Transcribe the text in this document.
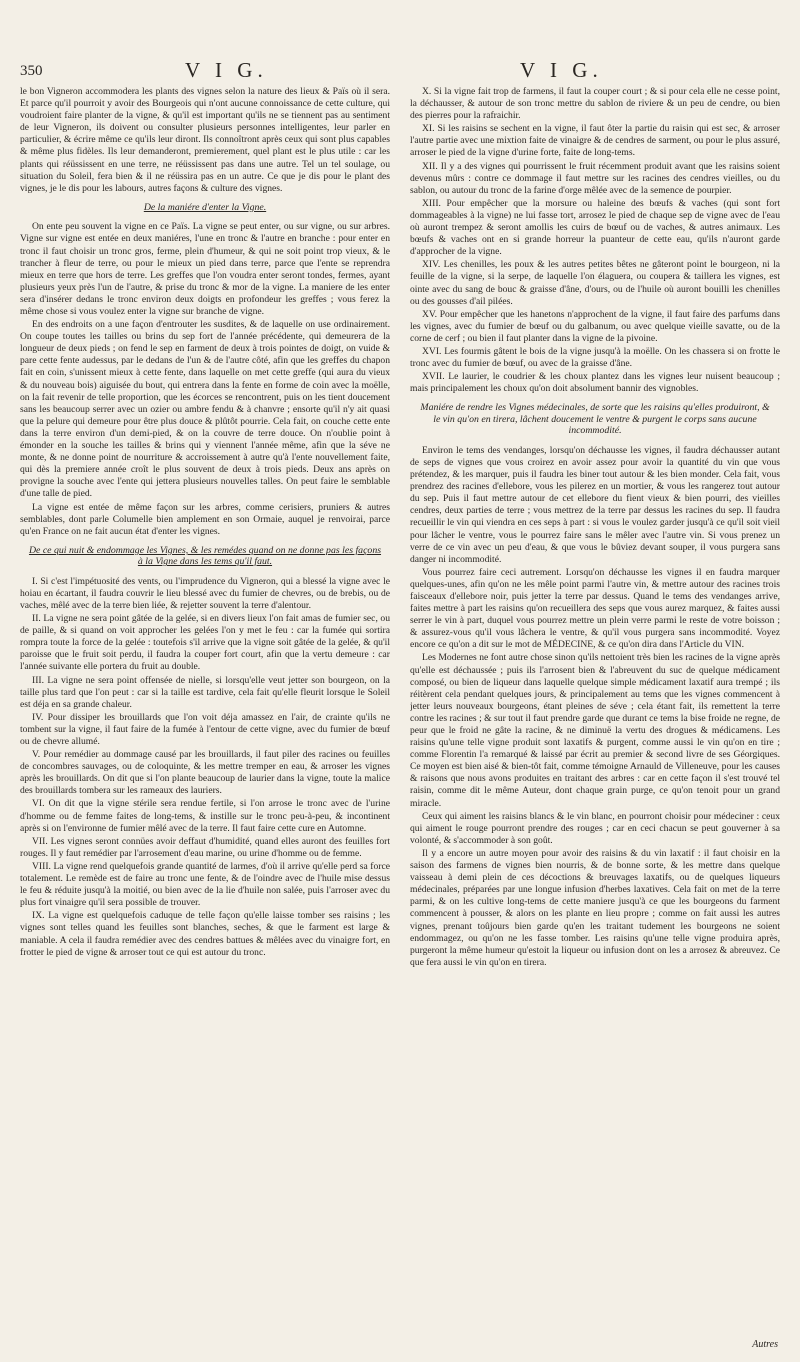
350	V I G.	V I G.

le bon Vigneron accommodera les plants des vignes selon la nature des lieux & Païs où il sera. Et parce qu'il pourroit y avoir des Bourgeois qui n'ont aucune connoissance de cette culture, qui voudroient faire planter de la vigne, & qu'il est important qu'ils ne se tiennent pas au sentiment de leur Vigneron, ils doivent ou consulter plusieurs personnes intelligentes, leur parler en particulier, & écrire même ce qu'ils leur diront. Ils connoîtront après ceux qui sont plus capables & même plus fidèles. Ils leur demanderont, premierement, quel plant est le plus utile : car les plants qui réüssissent en une terre, ne réüssissent pas dans une autre. Tel un tel soulage, ou situation du Soleil, fera bien & il ne réüssira pas en un autre. Ce que je dis pour le plant des vignes, je le dis pour les labours, autres façons & culture des vignes.

De la maniére d'enter la Vigne.

On ente peu souvent la vigne en ce Païs. La vigne se peut enter, ou sur vigne, ou sur arbres. Vigne sur vigne est entée en deux maniéres, l'une en tronc & l'autre en branche : pour enter en tronc il faut choisir un tronc gros, ferme, plein d'humeur, & qui ne soit point trop vieux, & le trancher à fleur de terre, ou pour le mieux un pied dans terre, parce que l'ente se reprendra mieux en terre que hors de terre. Les greffes que l'on voudra enter seront tondes, fermes, ayant plusieurs yeux près l'un de l'autre, & prise du tronc & mor de la vigne. La maniere de les enter sera d'insérer dedans le tronc environ deux doigts en profondeur les greffes ; vous ferez la même chose si vous voulez enter la vigne sur branche de vigne.

En des endroits on a une façon d'entrouter les susdites, & de laquelle on use ordinairement. On coupe toutes les tailles ou brins du sep fort de l'année précédente, qui demeurera de la longueur de deux pieds ; on fend le sep en farment de deux à trois pointes de doigt, on vuide & pare cette fente audessus, par le dedans de l'un & de l'autre côté, afin que les greffes du chapon fait en coin, s'unissent mieux à cette fente, dans laquelle on met cette greffe (qui aura du vieux & du nouveau bois) aiguisée du bout, qui entrera dans la fente en forme de coin avec la moëlle, on la fait revenir de telle proportion, que les écorces se rencontrent, puis on les tient doucement sans les beaucoup serrer avec un ozier ou ambre fendu & à chanvre ; ensorte qu'il n'y ait quasi que la pelure qui demeure pour être plus douce & plûtôt pourrie. Cela fait, on couche cette ente dans la terre environ d'un demi-pied, & on la couvre de terre douce. On n'oublie point à émonder en la souche les tailles & brins qui y viennent l'année même, afin que la séve ne monte, & ne donne point de nourriture & accroissement à autre qu'à l'ente nouvellement faite, qui dès la premiere année croît le plus souvent de deux à trois pieds. Deux ans après on provigne la souche avec l'ente qui jettera plusieurs nouvelles talles. On peut faire le semblable d'une talle de pied.

La vigne est entée de même façon sur les arbres, comme cerisiers, pruniers & autres semblables, dont parle Columelle bien amplement en son Ormaie, auquel je renvoirai, parce qu'en France on ne fait aucun état d'enter les vignes.

De ce qui nuit & endommage les Vignes, & les remédes quand on ne donne pas les façons à la Vigne dans les tems qu'il faut.

I. Si c'est l'impétuosité des vents, ou l'imprudence du Vigneron, qui a blessé la vigne avec le hoiau en écartant, il faudra couvrir le lieu blessé avec du fumier de chevres, ou de brebis, ou de vaches, mêlé avec de la terre bien liée, & rejetter souvent la terre d'alentour.

II. La vigne ne sera point gâtée de la gelée, si en divers lieux l'on fait amas de fumier sec, ou de paille, & si quand on voit approcher les gelées l'on y met le feu : car la fumée qui sortira rompra toute la force de la gelée : toutefois s'il arrive que la vigne soit gâtée de la gelée, & qu'il paroisse que le fruit soit perdu, il faudra la couper fort court, afin que la vertu demeure : car l'année suivante elle portera du fruit au double.

III. La vigne ne sera point offensée de nielle, si lorsqu'elle veut jetter son bourgeon, on la taille plus tard que l'on peut : car si la taille est tardive, cela fait qu'elle fleurit lorsque le Soleil est déja en sa grande chaleur.

IV. Pour dissiper les brouillards que l'on voit déja amassez en l'air, de crainte qu'ils ne tombent sur la vigne, il faut faire de la fumée à l'entour de cette vigne, avec du fumier de bœuf ou de chevre allumé.

V. Pour remédier au dommage causé par les brouillards, il faut piler des racines ou feuilles de concombres sauvages, ou de coloquinte, & les mettre tremper en eau, & arroser les vignes après les brouillards. On dit que si l'on plante beaucoup de laurier dans la vigne, toute la malice des brouillards tombera sur les rameaux des lauriers.

VI. On dit que la vigne stérile sera rendue fertile, si l'on arrose le tronc avec de l'urine d'homme ou de femme faites de long-tems, & instille sur le tronc peu-à-peu, & incontinent après si on l'environne de fumier mêlé avec de la terre. Il faut faire cette cure en Automne.

VII. Les vignes seront connües avoir deffaut d'humidité, quand elles auront des feuilles fort rouges. Il y faut remédier par l'arrosement d'eau marine, ou urine d'homme ou de femme.

VIII. La vigne rend quelquefois grande quantité de larmes, d'où il arrive qu'elle perd sa force totalement. Le remède est de faire au tronc une fente, & de l'oindre avec de l'huile mise dessus le feu & réduite jusqu'à la moitié, ou bien avec de la lie d'huile non salée, puis l'arroser avec du plus fort vinaigre qu'il sera possible de trouver.

IX. La vigne est quelquefois caduque de telle façon qu'elle laisse tomber ses raisins ; les vignes sont telles quand les feuilles sont blanches, seches, & que le farment est large & maniable. A cela il faudra remédier avec des cendres battues & mêlées avec du vinaigre fort, en frotter le pied de vigne & arroser tout ce qui est autour du tronc.

X. Si la vigne fait trop de farmens, il faut la couper court ; & si pour cela elle ne cesse point, la déchausser, & autour de son tronc mettre du sablon de riviere & un peu de cendre, ou bien des pierres pour la rafraichir.

XI. Si les raisins se sechent en la vigne, il faut ôter la partie du raisin qui est sec, & arroser l'autre partie avec une mixtion faite de vinaigre & de cendres de sarment, ou pour le plus assuré, arroser le pied de la vigne d'urine forte, faite de long-tems.

XII. Il y a des vignes qui pourrissent le fruit récemment produit avant que les raisins soient devenus mûrs : contre ce dommage il faut mettre sur les racines des cendres vieilles, ou du sablon, ou autour du tronc de la farine d'orge mêlée avec de la semence de pourpier.

XIII. Pour empêcher que la morsure ou haleine des bœufs & vaches (qui sont fort dommageables à la vigne) ne lui fasse tort, arrosez le pied de chaque sep de vigne avec de l'eau où auront trempez & seront amollis les cuirs de bœuf ou de vaches, & autres animaux. Les bœufs & vaches ont en si grande horreur la puanteur de cette eau, qu'ils n'auront garde d'approcher de la vigne.

XIV. Les chenilles, les poux & les autres petites bêtes ne gâteront point le bourgeon, ni la feuille de la vigne, si la serpe, de laquelle l'on élaguera, ou coupera & taillera les vignes, est ointe avec du sang de bouc & graisse d'âne, d'ours, ou de l'huile où auront bouilli les chenilles ou des gousses d'ail pilées.

XV. Pour empêcher que les hanetons n'approchent de la vigne, il faut faire des parfums dans les vignes, avec du fumier de bœuf ou du galbanum, ou avec quelque vieille savatte, ou de la corne de cerf ; ou bien il faut planter dans la vigne de la pivoine.

XVI. Les fourmis gâtent le bois de la vigne jusqu'à la moëlle. On les chassera si on frotte le tronc avec du fumier de bœuf, ou avec de la graisse d'âne.

XVII. Le laurier, le coudrier & les choux plantez dans les vignes leur nuisent beaucoup ; mais principalement les choux qu'on doit absolument bannir des vignobles.

Maniére de rendre les Vignes médecinales, de sorte que les raisins qu'elles produiront, & le vin qu'on en tirera, lâchent doucement le ventre & purgent le corps sans aucune incommodité.

Environ le tems des vendanges, lorsqu'on déchausse les vignes, il faudra déchausser autant de seps de vignes que vous croirez en avoir assez pour avoir la quantité du vin que vous prétendez, & les marquer, puis il faudra les biner tout autour & les bien monder. Cela fait, vous prendrez des racines d'ellebore, vous les pilerez en un mortier, & vous les rangerez tout autour du sep. Puis il faut mettre autour de cet ellebore du fient vieux & bien pourri, des vieilles cendres, deux parties de terre ; vous mettrez de la terre par dessus les racines du sep. Il faudra recueillir le vin qui viendra en ces seps à part : si vous le voulez garder jusqu'à ce qu'il soit vieil pour lâcher le ventre, vous le pourrez faire sans le mêler avec l'autre vin. Si vous prenez un verre de ce vin avec un peu d'eau, & que vous le bûviez devant souper, il vous purgera sans danger ni incommodité.

Vous pourrez faire ceci autrement. Lorsqu'on déchausse les vignes il en faudra marquer quelques-unes, afin qu'on ne les mêle point parmi l'autre vin, & mettre autour des racines trois faisceaux d'ellebore noir, puis jetter la terre par dessus. Quand le tems des vendanges arrive, faites mettre à part les raisins qu'on recueillera des seps que vous aurez marquez, & faites aussi serrer le vin à part, duquel vous pourrez mettre un plein verre parmi le reste de votre boisson ; & assurez-vous qu'il vous lâchera le ventre, & qu'il vous purgera sans incommodité. Voyez encore ce qu'on a dit sur le mot de MÉDECINE, & ce qu'on dira dans l'Article du VIN.

Les Modernes ne font autre chose sinon qu'ils nettoient très bien les racines de la vigne après qu'elle est déchaussée ; puis ils l'arrosent bien & l'abreuvent du suc de quelque médicament composé, ou bien de liqueur dans laquelle quelque simple médicament laxatif aura trempé ; ils réitèrent cela pendant quelques jours, & principalement au tems que les vignes commencent à jetter leurs nouveaux bourgeons, étant pleines de séve ; cela étant fait, ils remettent la terre contre les racines ; & sur tout il faut prendre garde que durant ce tems la bise froide ne regne, de peur que le froid ne gâte la racine, & ne diminuë la vertu des drogues & médicamens. Les raisins qu'une telle vigne produit sont laxatifs & purgent, comme aussi le vin qu'on en tire ; comme Florentin l'a remarqué & laissé par écrit au premier & second livre de ses Géorgiques. Ce moyen est bien aisé & bien-tôt fait, comme témoigne Arnauld de Villeneuve, pour les causes & raisons que nous avons produites en traitant des arbres : car en cette façon il s'est trouvé tel raisin, comme dit le même Auteur, dont chaque grain purge, ce qu'on tenoit pour un grand miracle.

Ceux qui aiment les raisins blancs & le vin blanc, en pourront choisir pour médeciner : ceux qui aiment le rouge pourront prendre des rouges ; car en ceci chacun se peut gouverner à sa volonté, & s'accommoder à son goût.

Il y a encore un autre moyen pour avoir des raisins & du vin laxatif : il faut choisir en la saison des farmens de vignes bien nourris, & de bonne sorte, & les mettre dans quelque vaisseau à demi plein de ces décoctions & breuvages laxatifs, ou de quelques liqueurs médecinales, préparées par une longue infusion d'herbes laxatives. Cela fait on met de la terre parmi, & on les cultive long-tems de cette maniere jusqu'à ce que les bourgeons du farment commencent à pousser, & alors on les plante en lieu propre ; comme on fait aussi les autres vignes, prenant toûjours bien garde qu'en les traitant tudement les bourgeons ne soient endommagez, ou qu'on ne les fasse tomber. Les raisins qu'une telle vigne produira après, purgeront la même humeur qu'estoit la liqueur ou infusion dont on les a arrosez & abreuvez. Ce que fera aussi le vin qu'on en tirera.

Autres
